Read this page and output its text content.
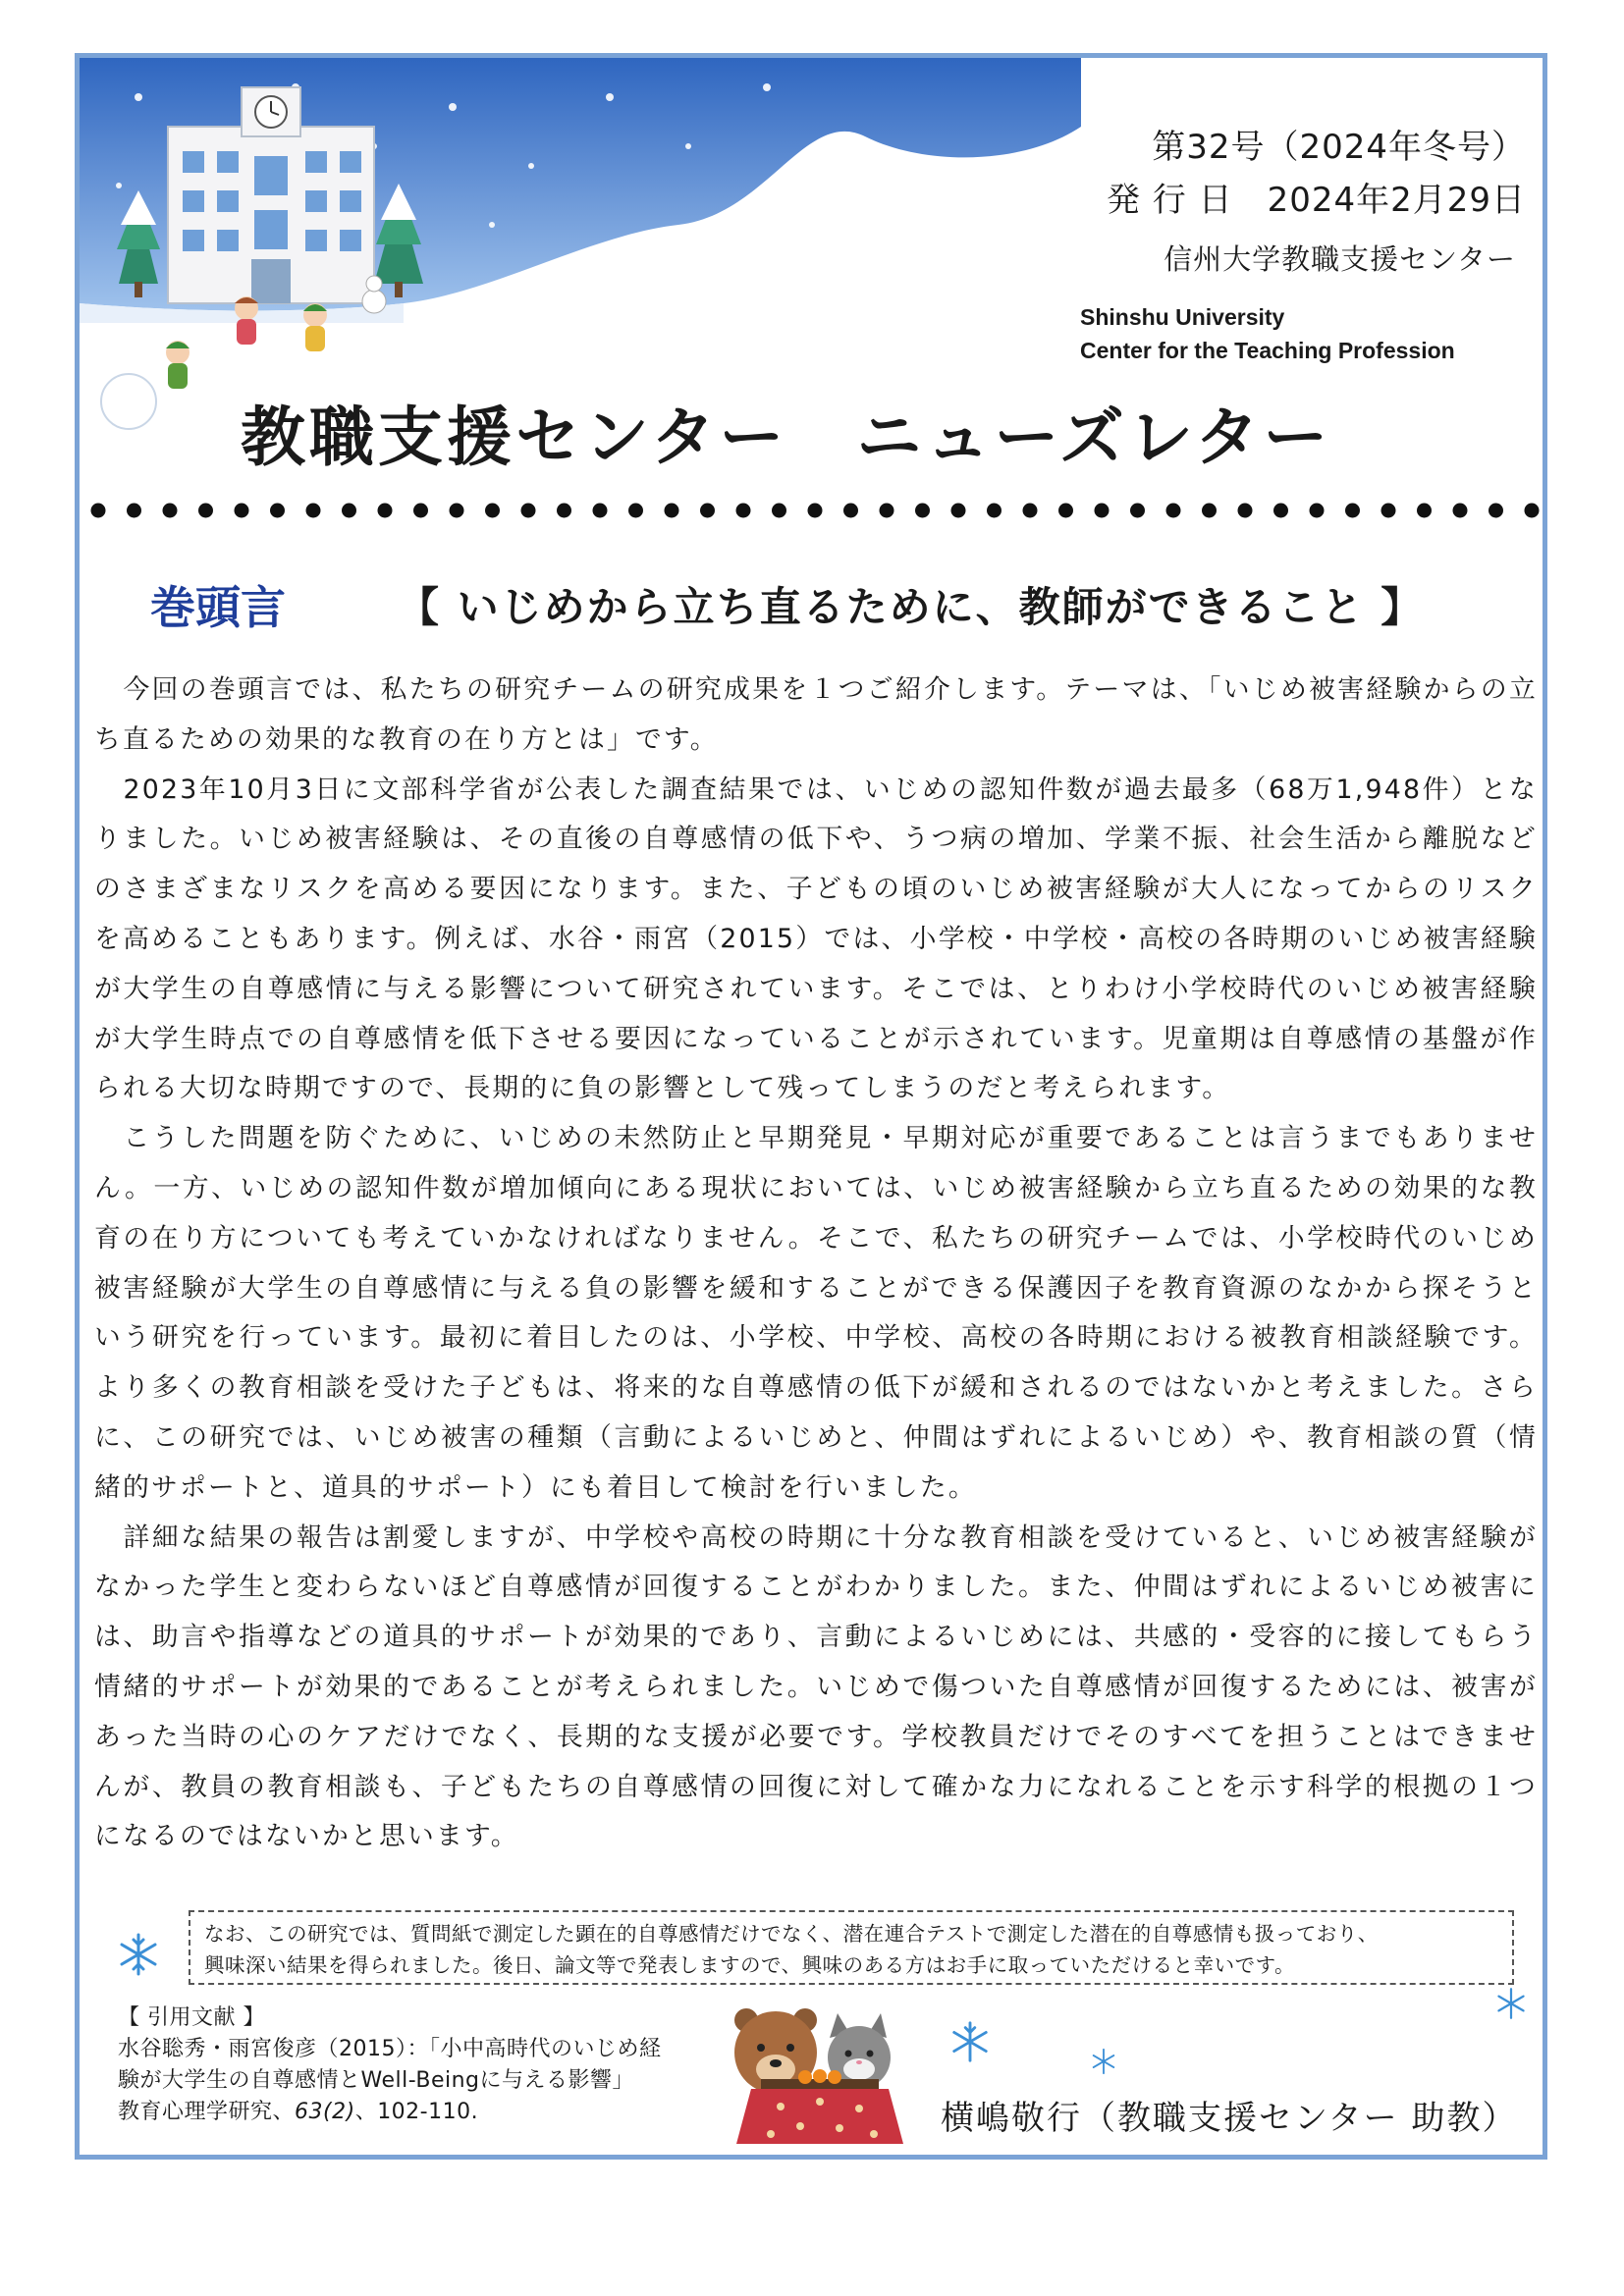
第32号（2024年冬号）
発 行 日　2024年2月29日
信州大学教職支援センター
Shinshu University
Center for the Teaching Profession
教職支援センター　ニューズレター
巻頭言	【 いじめから立ち直るために、教師ができること 】

今回の巻頭言では、私たちの研究チームの研究成果を１つご紹介します。テーマは、「いじめ被害経験からの立ち直るための効果的な教育の在り方とは」です。

2023年10月3日に文部科学省が公表した調査結果では、いじめの認知件数が過去最多（68万1,948件）となりました。いじめ被害経験は、その直後の自尊感情の低下や、うつ病の増加、学業不振、社会生活から離脱などのさまざまなリスクを高める要因になります。また、子どもの頃のいじめ被害経験が大人になってからのリスクを高めることもあります。例えば、水谷・雨宮（2015）では、小学校・中学校・高校の各時期のいじめ被害経験が大学生の自尊感情に与える影響について研究されています。そこでは、とりわけ小学校時代のいじめ被害経験が大学生時点での自尊感情を低下させる要因になっていることが示されています。児童期は自尊感情の基盤が作られる大切な時期ですので、長期的に負の影響として残ってしまうのだと考えられます。

こうした問題を防ぐために、いじめの未然防止と早期発見・早期対応が重要であることは言うまでもありません。一方、いじめの認知件数が増加傾向にある現状においては、いじめ被害経験から立ち直るための効果的な教育の在り方についても考えていかなければなりません。そこで、私たちの研究チームでは、小学校時代のいじめ被害経験が大学生の自尊感情に与える負の影響を緩和することができる保護因子を教育資源のなかから探そうという研究を行っています。最初に着目したのは、小学校、中学校、高校の各時期における被教育相談経験です。より多くの教育相談を受けた子どもは、将来的な自尊感情の低下が緩和されるのではないかと考えました。さらに、この研究では、いじめ被害の種類（言動によるいじめと、仲間はずれによるいじめ）や、教育相談の質（情緒的サポートと、道具的サポート）にも着目して検討を行いました。

詳細な結果の報告は割愛しますが、中学校や高校の時期に十分な教育相談を受けていると、いじめ被害経験がなかった学生と変わらないほど自尊感情が回復することがわかりました。また、仲間はずれによるいじめ被害には、助言や指導などの道具的サポートが効果的であり、言動によるいじめには、共感的・受容的に接してもらう情緒的サポートが効果的であることが考えられました。いじめで傷ついた自尊感情が回復するためには、被害があった当時の心のケアだけでなく、長期的な支援が必要です。学校教員だけでそのすべてを担うことはできませんが、教員の教育相談も、子どもたちの自尊感情の回復に対して確かな力になれることを示す科学的根拠の１つになるのではないかと思います。

なお、この研究では、質問紙で測定した顕在的自尊感情だけでなく、潜在連合テストで測定した潜在的自尊感情も扱っており、
興味深い結果を得られました。後日、論文等で発表しますので、興味のある方はお手に取っていただけると幸いです。
【 引用文献 】
水谷聡秀・雨宮俊彦（2015）：「小中高時代のいじめ経
験が大学生の自尊感情とWell-Beingに与える影響」
教育心理学研究、63(2)、102-110.	横嶋敬行（教職支援センター 助教）
